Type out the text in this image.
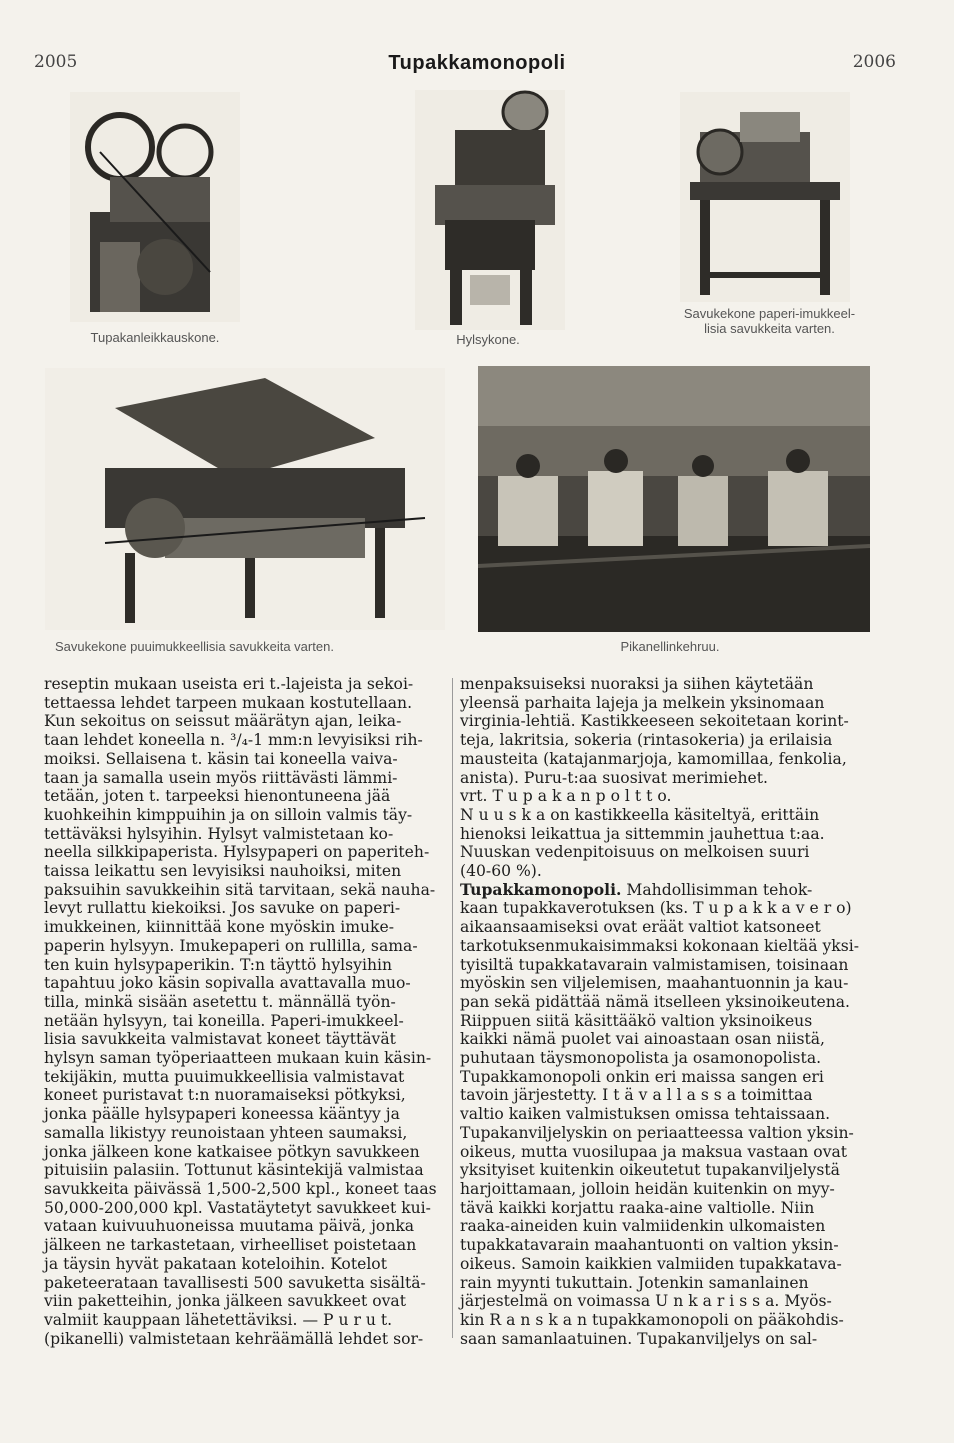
2005	Tupakkamonopoli	2006
Tupakanleikkauskone.	Hylsykone.
Savukekone paperi-imukkeel-
lisia savukkeita varten.
Savukekone puuimukkeellisia savukkeita varten.	Pikanellinkehruu.

reseptin mukaan useista eri t.-lajeista ja sekoi-
tettaessa lehdet tarpeen mukaan kostutellaan.
Kun sekoitus on seissut määrätyn ajan, leika-
taan lehdet koneella n. ³/₄-1 mm:n levyisiksi rih-
moiksi. Sellaisena t. käsin tai koneella vaiva-
taan ja samalla usein myös riittävästi lämmi-
tetään, joten t. tarpeeksi hienontuneena jää
kuohkeihin kimppuihin ja on silloin valmis täy-
tettäväksi hylsyihin. Hylsyt valmistetaan ko-
neella silkkipaperista. Hylsypaperi on paperiteh-
taissa leikattu sen levyisiksi nauhoiksi, miten
paksuihin savukkeihin sitä tarvitaan, sekä nauha-
levyt rullattu kiekoiksi. Jos savuke on paperi-
imukkeinen, kiinnittää kone myöskin imuke-
paperin hylsyyn. Imukepaperi on rullilla, sama-
ten kuin hylsypaperikin. T:n täyttö hylsyihin
tapahtuu joko käsin sopivalla avattavalla muo-
tilla, minkä sisään asetettu t. männällä työn-
netään hylsyyn, tai koneilla. Paperi-imukkeel-
lisia savukkeita valmistavat koneet täyttävät
hylsyn saman työperiaatteen mukaan kuin käsin-
tekijäkin, mutta puuimukkeellisia valmistavat
koneet puristavat t:n nuoramaiseksi pötkyksi,
jonka päälle hylsypaperi koneessa kääntyy ja
samalla likistyy reunoistaan yhteen saumaksi,
jonka jälkeen kone katkaisee pötkyn savukkeen
pituisiin palasiin. Tottunut käsintekijä valmistaa
savukkeita päivässä 1,500-2,500 kpl., koneet taas
50,000-200,000 kpl. Vastatäytetyt savukkeet kui-
vataan kuivuuhuoneissa muutama päivä, jonka
jälkeen ne tarkastetaan, virheelliset poistetaan
ja täysin hyvät pakataan koteloihin. Kotelot
paketeerataan tavallisesti 500 savuketta sisältä-
viin paketteihin, jonka jälkeen savukkeet ovat
valmiit kauppaan lähetettäviksi. — P u r u t.
(pikanelli) valmistetaan kehräämällä lehdet sor-

menpaksuiseksi nuoraksi ja siihen käytetään
yleensä parhaita lajeja ja melkein yksinomaan
virginia-lehtiä. Kastikkeeseen sekoitetaan korint-
teja, lakritsia, sokeria (rintasokeria) ja erilaisia
mausteita (katajanmarjoja, kamomillaa, fenkolia,
anista). Puru-t:aa suosivat merimiehet.
vrt. T u p a k a n p o l t t o.

N u u s k a on kastikkeella käsiteltyä, erittäin
hienoksi leikattua ja sittemmin jauhettua t:aa.
Nuuskan vedenpitoisuus on melkoisen suuri
(40-60 %).

Tupakkamonopoli. Mahdollisimman tehok-
kaan tupakkaverotuksen (ks. T u p a k k a v e r o)
aikaansaamiseksi ovat eräät valtiot katsoneet
tarkotuksenmukaisimmaksi kokonaan kieltää yksi-
tyisiltä tupakkatavarain valmistamisen, toisinaan
myöskin sen viljelemisen, maahantuonnin ja kau-
pan sekä pidättää nämä itselleen yksinoikeutena.
Riippuen siitä käsittääkö valtion yksinoikeus
kaikki nämä puolet vai ainoastaan osan niistä,
puhutaan täysmonopolista ja osamonopolista.
Tupakkamonopoli onkin eri maissa sangen eri
tavoin järjestetty. I t ä v a l l a s s a toimittaa
valtio kaiken valmistuksen omissa tehtaissaan.
Tupakanviljelyskin on periaatteessa valtion yksin-
oikeus, mutta vuosilupaa ja maksua vastaan ovat
yksityiset kuitenkin oikeutetut tupakanviljelystä
harjoittamaan, jolloin heidän kuitenkin on myy-
tävä kaikki korjattu raaka-aine valtiolle. Niin
raaka-aineiden kuin valmiidenkin ulkomaisten
tupakkatavarain maahantuonti on valtion yksin-
oikeus. Samoin kaikkien valmiiden tupakkatava-
rain myynti tukuttain. Jotenkin samanlainen
järjestelmä on voimassa U n k a r i s s a. Myös-
kin R a n s k a n tupakkamonopoli on pääkohdis-
saan samanlaatuinen. Tupakanviljelys on sal-
